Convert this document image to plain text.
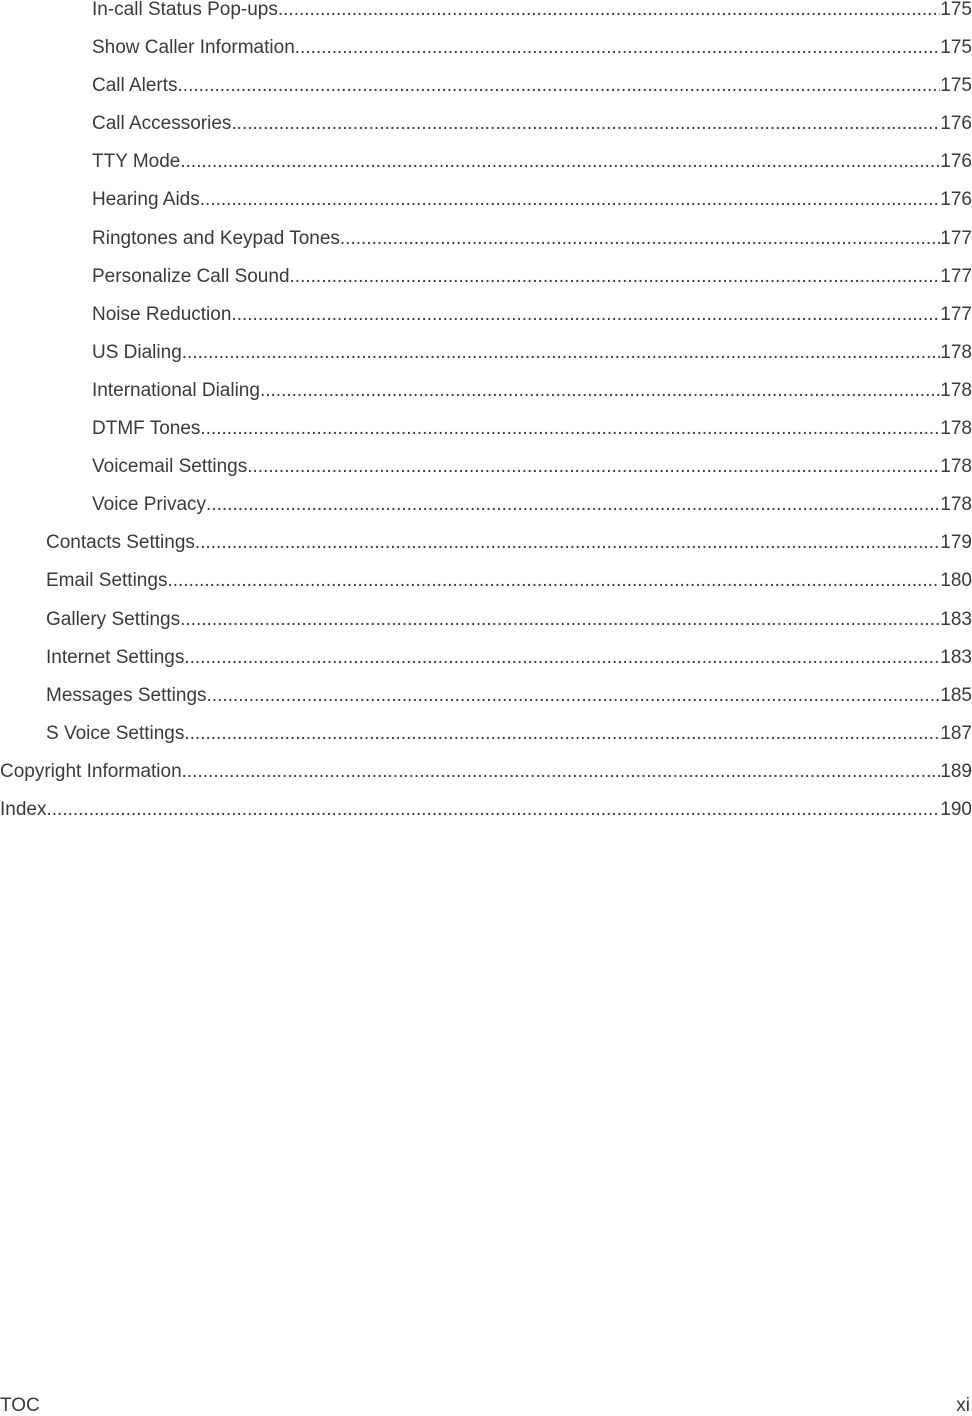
In-call Status Pop-ups .....	175
Show Caller Information .....	175
Call Alerts .....	175
Call Accessories .....	176
TTY Mode .....	176
Hearing Aids .....	176
Ringtones and Keypad Tones .....	177
Personalize Call Sound .....	177
Noise Reduction .....	177
US Dialing .....	178
International Dialing .....	178
DTMF Tones .....	178
Voicemail Settings .....	178
Voice Privacy .....	178
Contacts Settings .....	179
Email Settings .....	180
Gallery Settings .....	183
Internet Settings .....	183
Messages Settings .....	185
S Voice Settings .....	187
Copyright Information .....	189
Index .....	190
TOC	xi
